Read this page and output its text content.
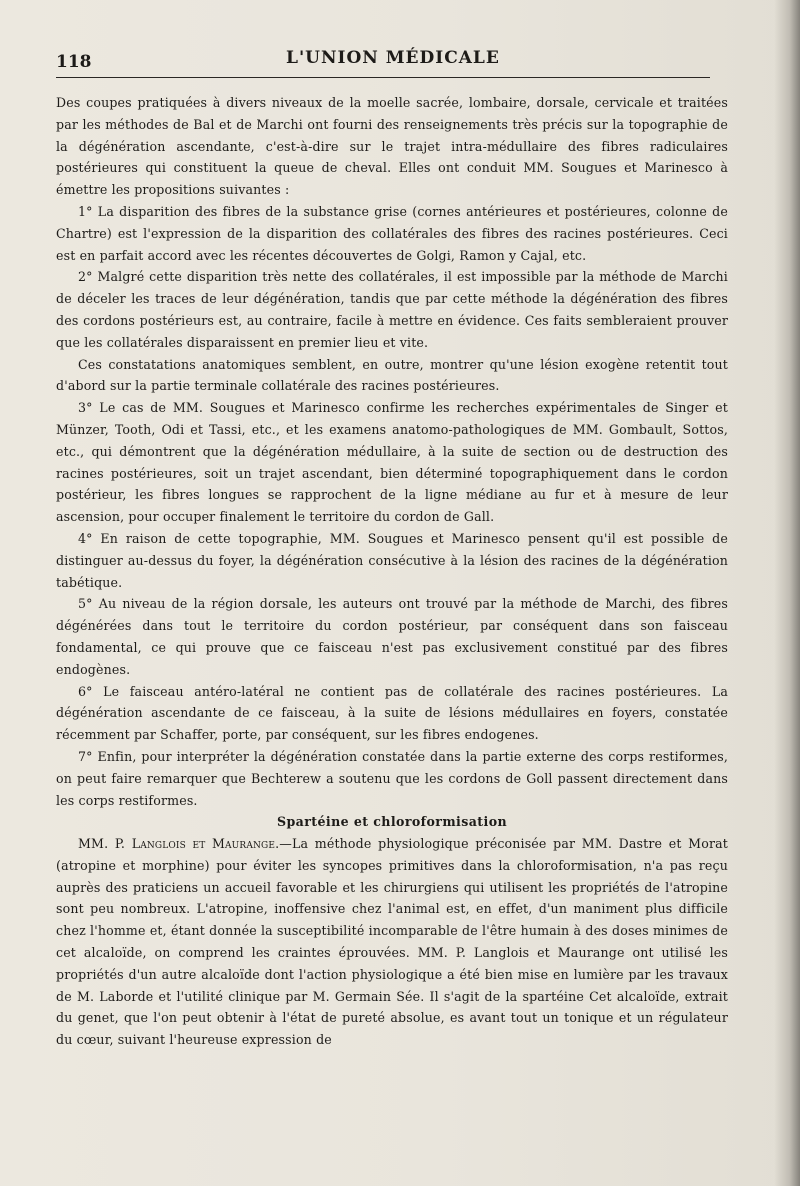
118	L'UNION MÉDICALE

Des coupes pratiquées à divers niveaux de la moelle sacrée, lombaire, dorsale, cervicale et traitées par les méthodes de Bal et de Marchi ont fourni des renseignements très précis sur la topographie de la dégénération ascendante, c'est-à-dire sur le trajet intra-médullaire des fibres radiculaires postérieures qui constituent la queue de cheval. Elles ont conduit MM. Sougues et Marinesco à émettre les propositions suivantes :

1° La disparition des fibres de la substance grise (cornes antérieures et postérieures, colonne de Chartre) est l'expression de la disparition des collatérales des fibres des racines postérieures. Ceci est en parfait accord avec les récentes découvertes de Golgi, Ramon y Cajal, etc.

2° Malgré cette disparition très nette des collatérales, il est impossible par la méthode de Marchi de déceler les traces de leur dégénération, tandis que par cette méthode la dégénération des fibres des cordons postérieurs est, au contraire, facile à mettre en évidence. Ces faits sembleraient prouver que les collatérales disparaissent en premier lieu et vite.

Ces constatations anatomiques semblent, en outre, montrer qu'une lésion exogène retentit tout d'abord sur la partie terminale collatérale des racines postérieures.

3° Le cas de MM. Sougues et Marinesco confirme les recherches expérimentales de Singer et Münzer, Tooth, Odi et Tassi, etc., et les examens anatomo-pathologiques de MM. Gombault, Sottos, etc., qui démontrent que la dégénération médullaire, à la suite de section ou de destruction des racines postérieures, soit un trajet ascendant, bien déterminé topographiquement dans le cordon postérieur, les fibres longues se rapprochent de la ligne médiane au fur et à mesure de leur ascension, pour occuper finalement le territoire du cordon de Gall.

4° En raison de cette topographie, MM. Sougues et Marinesco pensent qu'il est possible de distinguer au-dessus du foyer, la dégénération consécutive à la lésion des racines de la dégénération tabétique.

5° Au niveau de la région dorsale, les auteurs ont trouvé par la méthode de Marchi, des fibres dégénérées dans tout le territoire du cordon postérieur, par conséquent dans son faisceau fondamental, ce qui prouve que ce faisceau n'est pas exclusivement constitué par des fibres endogènes.

6° Le faisceau antéro-latéral ne contient pas de collatérale des racines postérieures. La dégénération ascendante de ce faisceau, à la suite de lésions médullaires en foyers, constatée récemment par Schaffer, porte, par conséquent, sur les fibres endogenes.

7° Enfin, pour interpréter la dégénération constatée dans la partie externe des corps restiformes, on peut faire remarquer que Bechterew a soutenu que les cordons de Goll passent directement dans les corps restiformes.

Spartéine et chloroformisation

MM. P. Langlois et Maurange.—La méthode physiologique préconisée par MM. Dastre et Morat (atropine et morphine) pour éviter les syncopes primitives dans la chloroformisation, n'a pas reçu auprès des praticiens un accueil favorable et les chirurgiens qui utilisent les propriétés de l'atropine sont peu nombreux. L'atropine, inoffensive chez l'animal est, en effet, d'un maniment plus difficile chez l'homme et, étant donnée la susceptibilité incomparable de l'être humain à des doses minimes de cet alcaloïde, on comprend les craintes éprouvées. MM. P. Langlois et Maurange ont utilisé les propriétés d'un autre alcaloïde dont l'action physiologique a été bien mise en lumière par les travaux de M. Laborde et l'utilité clinique par M. Germain Sée. Il s'agit de la spartéine Cet alcaloïde, extrait du genet, que l'on peut obtenir à l'état de pureté absolue, es avant tout un tonique et un régulateur du cœur, suivant l'heureuse expression de
